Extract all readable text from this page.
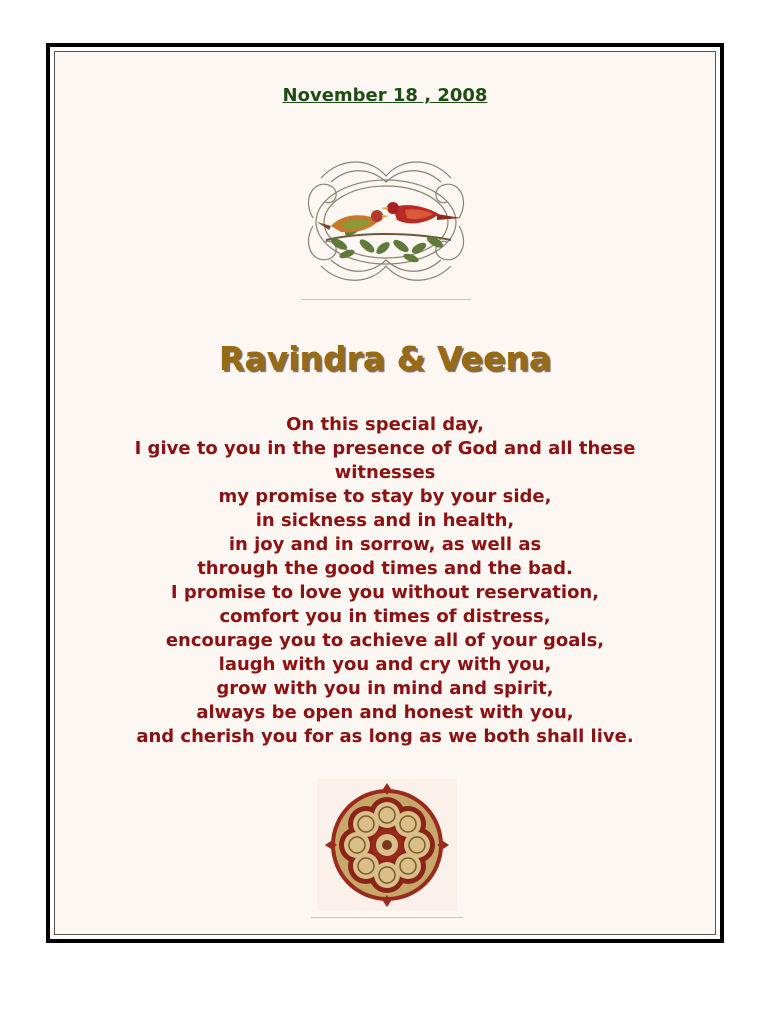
November 18 , 2008

Ravindra & Veena
On this special day,
I give to you in the presence of God and all these
witnesses
my promise to stay by your side,
in sickness and in health,
in joy and in sorrow, as well as
through the good times and the bad.
I promise to love you without reservation,
comfort you in times of distress,
encourage you to achieve all of your goals,
laugh with you and cry with you,
grow with you in mind and spirit,
always be open and honest with you,
and cherish you for as long as we both shall live.
